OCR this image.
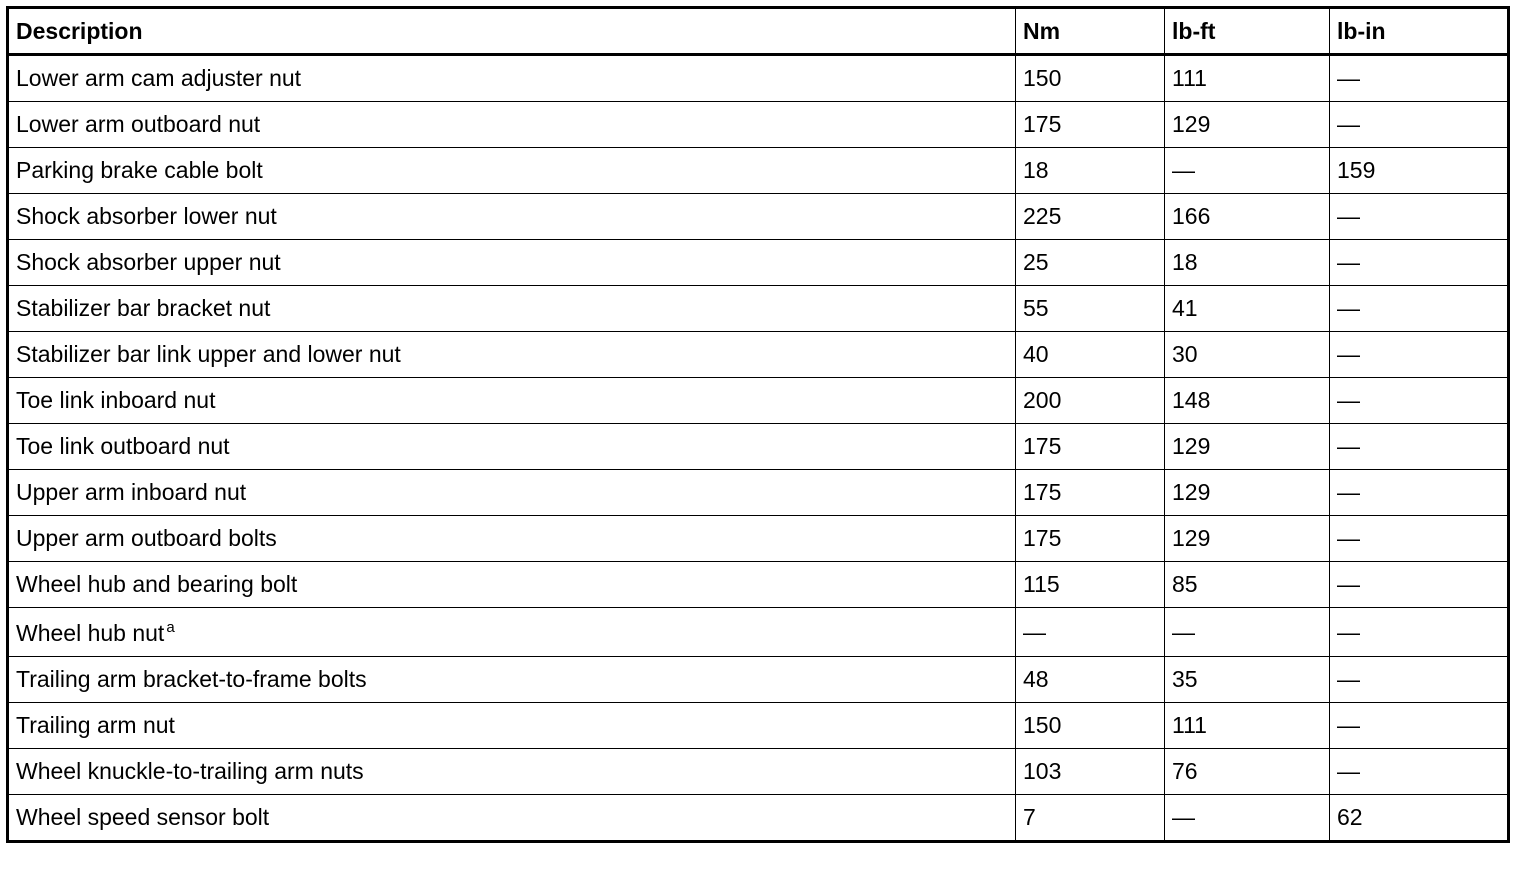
Description	Nm	lb-ft	lb-in
Lower arm cam adjuster nut	150	111	—
Lower arm outboard nut	175	129	—
Parking brake cable bolt	18	—	159
Shock absorber lower nut	225	166	—
Shock absorber upper nut	25	18	—
Stabilizer bar bracket nut	55	41	—
Stabilizer bar link upper and lower nut	40	30	—
Toe link inboard nut	200	148	—
Toe link outboard nut	175	129	—
Upper arm inboard nut	175	129	—
Upper arm outboard bolts	175	129	—
Wheel hub and bearing bolt	115	85	—
Wheel hub nut $^a$	—	—	—
Trailing arm bracket-to-frame bolts	48	35	—
Trailing arm nut	150	111	—
Wheel knuckle-to-trailing arm nuts	103	76	—
Wheel speed sensor bolt	7	—	62
